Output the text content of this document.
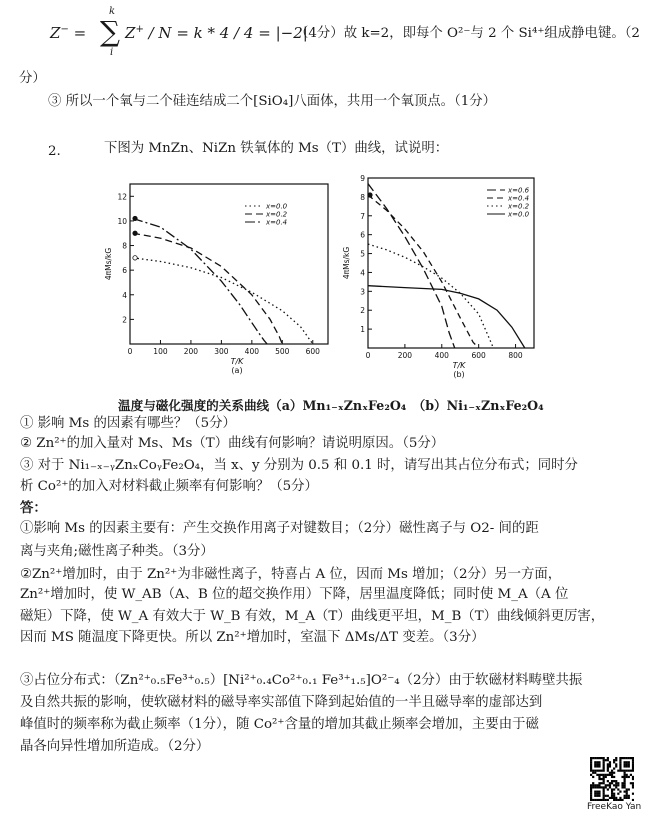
Z− = ∑
k
i
Z+ / N = k * 4 / 4 = |−2|
（4分）故 k=2，即每个 O²⁻与 2 个 Si⁴⁺组成静电键。（2
分）
③ 所以一个氧与二个硅连结成二个[SiO₄]八面体，共用一个氧顶点。（1分）
2.	下图为 MnZn、NiZn 铁氧体的 Ms（T）曲线，试说明：
2
4
6
8
10
12
0	100 200 300 400 500 600
T/K
(a)
4πMs/kG
x=0.0
x=0.2
x=0.4
1
2
3
4
5
6
7
8
9
0	200	400	600	800
T/K
(b)
4πMs/kG
x=0.6
x=0.4
x=0.2
x=0.0
温度与磁化强度的关系曲线（a）Mn₁₋ₓZnₓFe₂O₄　（b）Ni₁₋ₓZnₓFe₂O₄
① 影响 Ms 的因素有哪些？（5分）
② Zn²⁺的加入量对 Ms、Ms（T）曲线有何影响？请说明原因。（5分）
③ 对于 Ni₁₋ₓ₋ᵧZnₓCoᵧFe₂O₄，当 x、y 分别为 0.5 和 0.1 时，请写出其占位分布式；同时分
析 Co²⁺的加入对材料截止频率有何影响？（5分）
答：
①影响 Ms 的因素主要有：产生交换作用离子对键数目；（2分）磁性离子与 O2- 间的距
离与夹角;磁性离子种类。（3分）
②Zn²⁺增加时，由于 Zn²⁺为非磁性离子，特喜占 A 位，因而 Ms 增加；（2分）另一方面，
Zn²⁺增加时，使 W_AB（A、B 位的超交换作用）下降，居里温度降低；同时使 M_A（A 位
磁矩）下降，使 W_A 有效大于 W_B 有效，M_A（T）曲线更平坦，M_B（T）曲线倾斜更厉害，
因而 MS 随温度下降更快。所以 Zn²⁺增加时，室温下 ΔMs/ΔT 变差。（3分）
③占位分布式：（Zn²⁺₀.₅Fe³⁺₀.₅）[Ni²⁺₀.₄Co²⁺₀.₁ Fe³⁺₁.₅]O²⁻₄（2分）由于软磁材料畴壁共振
及自然共振的影响，使软磁材料的磁导率实部值下降到起始值的一半且磁导率的虚部达到
峰值时的频率称为截止频率（1分），随 Co²⁺含量的增加其截止频率会增加，主要由于磁
晶各向异性增加所造成。（2分）
FreeKao Yan
